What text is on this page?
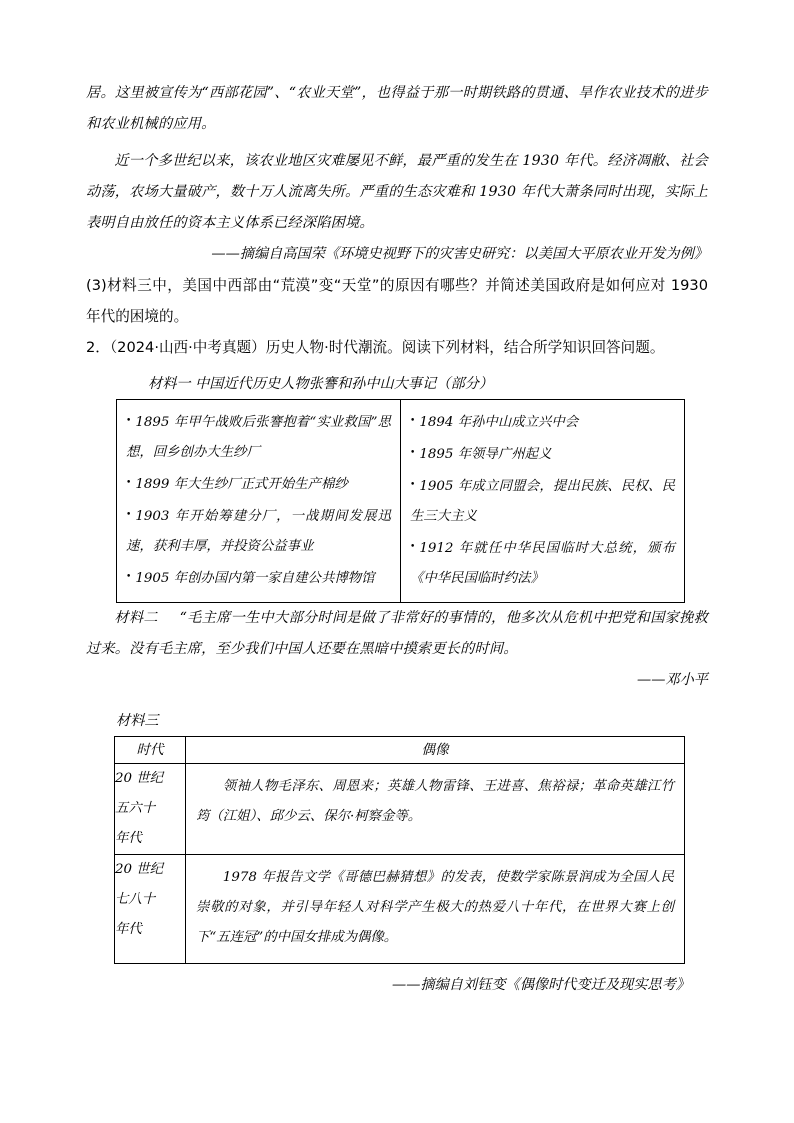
居。这里被宣传为“西部花园”、“农业天堂”，也得益于那一时期铁路的贯通、旱作农业技术的进步和农业机械的应用。

近一个多世纪以来，该农业地区灾难屡见不鲜，最严重的发生在 1930 年代。经济凋敝、社会动荡，农场大量破产，数十万人流离失所。严重的生态灾难和 1930 年代大萧条同时出现，实际上表明自由放任的资本主义体系已经深陷困境。

——摘编自高国荣《环境史视野下的灾害史研究：以美国大平原农业开发为例》

(3)材料三中，美国中西部由“荒漠”变“天堂”的原因有哪些？并简述美国政府是如何应对 1930 年代的困境的。

2．（2024·山西·中考真题）历史人物·时代潮流。阅读下列材料，结合所学知识回答问题。

材料一 中国近代历史人物张謇和孙中山大事记（部分）

• 1895 年甲午战败后张謇抱着“实业救国”思想，回乡创办大生纱厂
• 1899 年大生纱厂正式开始生产棉纱
• 1903 年开始筹建分厂，一战期间发展迅速，获利丰厚，并投资公益事业
• 1905 年创办国内第一家自建公共博物馆

• 1894 年孙中山成立兴中会
• 1895 年领导广州起义
• 1905 年成立同盟会，提出民族、民权、民生三大主义
• 1912 年就任中华民国临时大总统，颁布《中华民国临时约法》

材料二 “毛主席一生中大部分时间是做了非常好的事情的，他多次从危机中把党和国家挽救过来。没有毛主席，至少我们中国人还要在黑暗中摸索更长的时间。

——邓小平

材料三

时代	偶像

20 世纪
五六十
年代	领袖人物毛泽东、周恩来；英雄人物雷锋、王进喜、焦裕禄；革命英雄江竹筠（江姐）、邱少云、保尔·柯察金等。

20 世纪
七八十
年代	1978 年报告文学《哥德巴赫猜想》的发表，使数学家陈景润成为全国人民崇敬的对象，并引导年轻人对科学产生极大的热爱八十年代，在世界大赛上创下“五连冠”的中国女排成为偶像。

——摘编自刘钰变《偶像时代变迁及现实思考》
